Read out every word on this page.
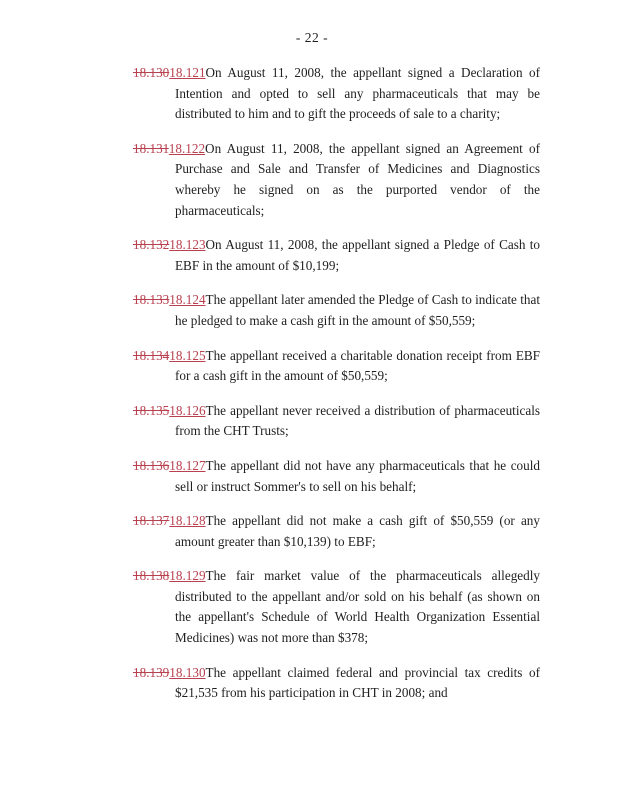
- 22 -

18.13018.121On August 11, 2008, the appellant signed a Declaration of Intention and opted to sell any pharmaceuticals that may be distributed to him and to gift the proceeds of sale to a charity;

18.13118.122On August 11, 2008, the appellant signed an Agreement of Purchase and Sale and Transfer of Medicines and Diagnostics whereby he signed on as the purported vendor of the pharmaceuticals;

18.13218.123On August 11, 2008, the appellant signed a Pledge of Cash to EBF in the amount of $10,199;

18.13318.124The appellant later amended the Pledge of Cash to indicate that he pledged to make a cash gift in the amount of $50,559;

18.13418.125The appellant received a charitable donation receipt from EBF for a cash gift in the amount of $50,559;

18.13518.126The appellant never received a distribution of pharmaceuticals from the CHT Trusts;

18.13618.127The appellant did not have any pharmaceuticals that he could sell or instruct Sommer's to sell on his behalf;

18.13718.128The appellant did not make a cash gift of $50,559 (or any amount greater than $10,139) to EBF;

18.13818.129The fair market value of the pharmaceuticals allegedly distributed to the appellant and/or sold on his behalf (as shown on the appellant's Schedule of World Health Organization Essential Medicines) was not more than $378;

18.13918.130The appellant claimed federal and provincial tax credits of $21,535 from his participation in CHT in 2008; and
